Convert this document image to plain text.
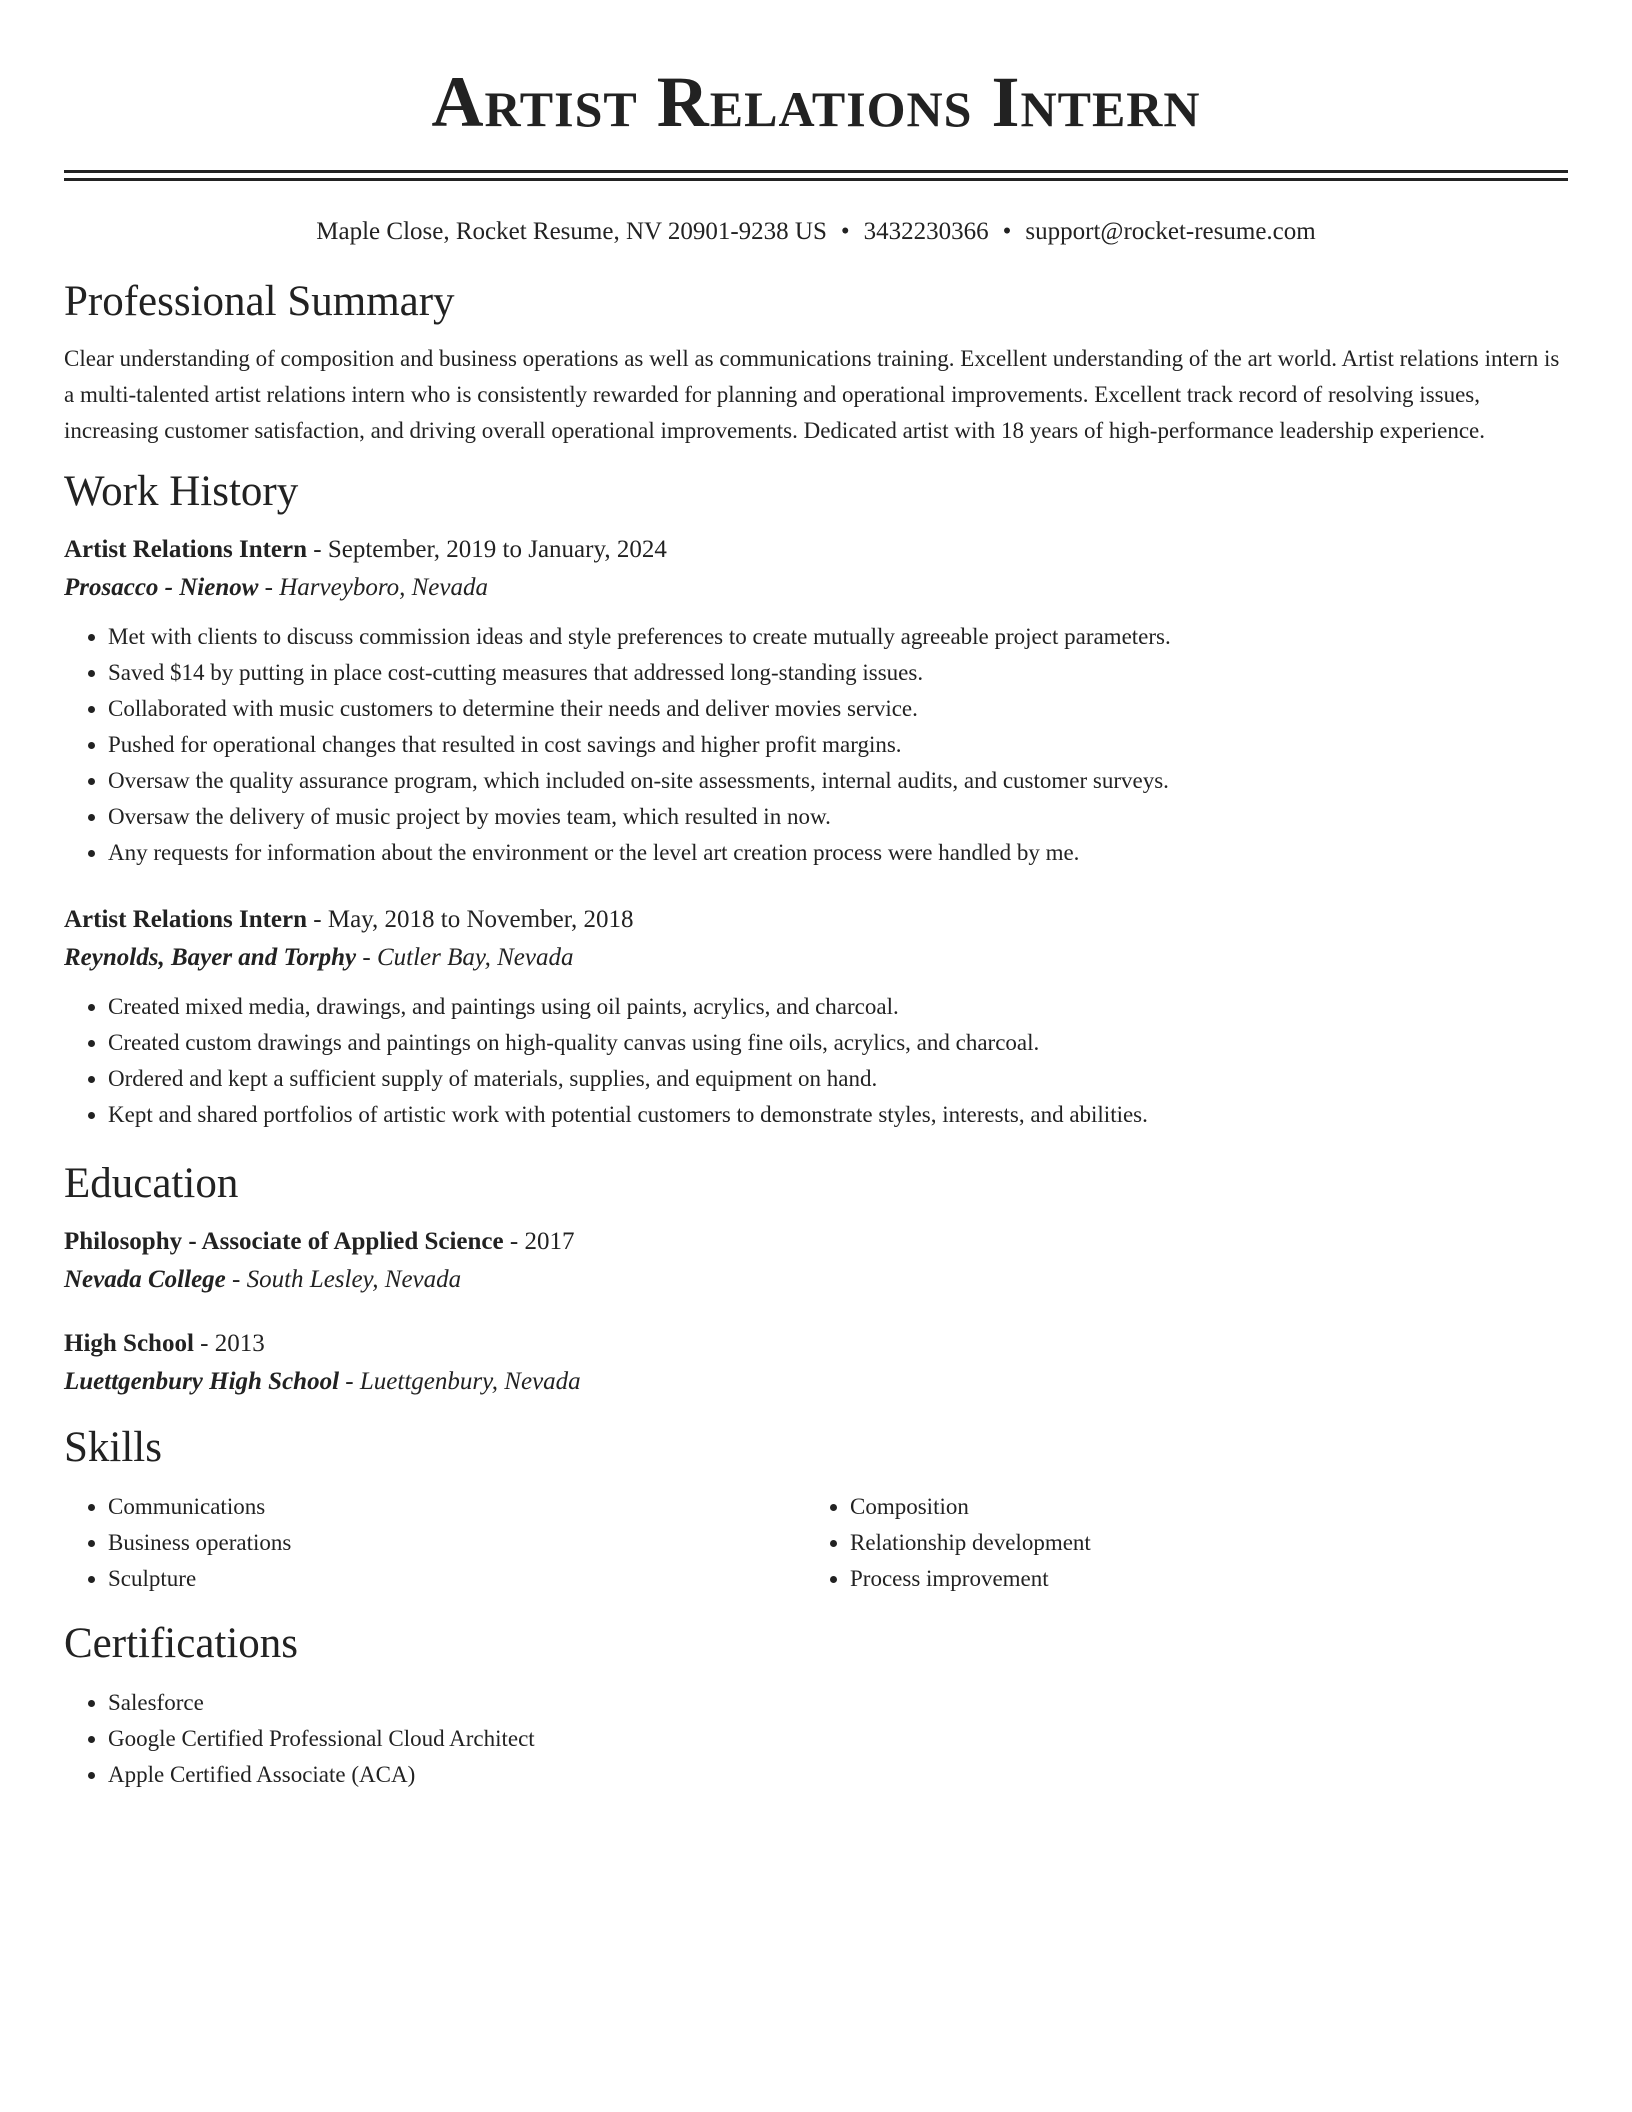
Artist Relations Intern
Maple Close, Rocket Resume, NV 20901-9238 US • 3432230366 • support@rocket-resume.com
Professional Summary

Clear understanding of composition and business operations as well as communications training. Excellent understanding of the art world. Artist relations intern is a multi-talented artist relations intern who is consistently rewarded for planning and operational improvements. Excellent track record of resolving issues, increasing customer satisfaction, and driving overall operational improvements. Dedicated artist with 18 years of high-performance leadership experience.

Work History
Artist Relations Intern - September, 2019 to January, 2024
Prosacco - Nienow - Harveyboro, Nevada
• Met with clients to discuss commission ideas and style preferences to create mutually agreeable project parameters.
• Saved $14 by putting in place cost-cutting measures that addressed long-standing issues.
• Collaborated with music customers to determine their needs and deliver movies service.
• Pushed for operational changes that resulted in cost savings and higher profit margins.
• Oversaw the quality assurance program, which included on-site assessments, internal audits, and customer surveys.
• Oversaw the delivery of music project by movies team, which resulted in now.
• Any requests for information about the environment or the level art creation process were handled by me.
Artist Relations Intern - May, 2018 to November, 2018
Reynolds, Bayer and Torphy - Cutler Bay, Nevada
• Created mixed media, drawings, and paintings using oil paints, acrylics, and charcoal.
• Created custom drawings and paintings on high-quality canvas using fine oils, acrylics, and charcoal.
• Ordered and kept a sufficient supply of materials, supplies, and equipment on hand.
• Kept and shared portfolios of artistic work with potential customers to demonstrate styles, interests, and abilities.
Education
Philosophy - Associate of Applied Science - 2017
Nevada College - South Lesley, Nevada
High School - 2013
Luettgenbury High School - Luettgenbury, Nevada
Skills
• Communications
• Business operations
• Sculpture
• Composition
• Relationship development
• Process improvement
Certifications
• Salesforce
• Google Certified Professional Cloud Architect
• Apple Certified Associate (ACA)
